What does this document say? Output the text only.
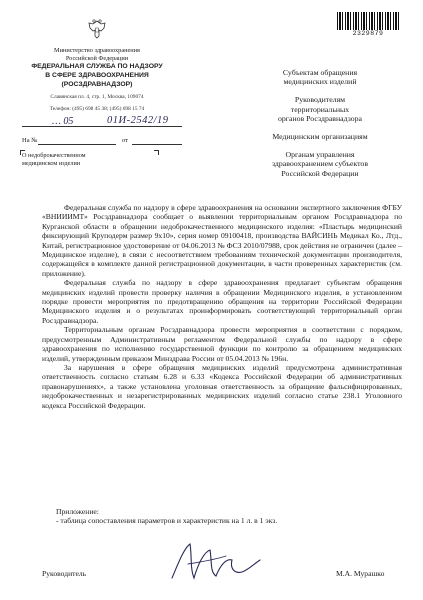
2329879
Министерство здравоохранения
Российской Федерации
ФЕДЕРАЛЬНАЯ СЛУЖБА ПО НАДЗОРУ
В СФЕРЕ ЗДРАВООХРАНЕНИЯ
(РОСЗДРАВНАДЗОР)
Славянская пл. 4, стр. 1, Москва, 109074
Телефон: (495) 698 45 38; (495) 698 15 74
… 05	01И-2542/19
На №	от
О недоброкачественном
медицинском изделии
Субъектам обращения
медицинских изделий
Руководителям
территориальных
органов Росздравнадзора
Медицинским организациям
Органам управления
здравоохранением субъектов
Российской Федерации

Федеральная служба по надзору в сфере здравоохранения на основании экспертного заключения ФГБУ «ВНИИИМТ» Росздравнадзора сообщает о выявлении территориальным органом Росздравнадзора по Курганской области в обращении недоброкачественного медицинского изделия: «Пластырь медицинский фиксирующий Круподерм размер 9х10», серия номер 09100418, производства ВАЙСИНЬ Медикал Ко., Лтд., Китай, регистрационное удостоверение от 04.06.2013 № ФСЗ 2010/07988, срок действия не ограничен (далее – Медицинское изделие), в связи с несоответствием требованиям технической документации производителя, содержащейся в комплекте данной регистрационной документации, в части проверенных характеристик (см. приложение).

Федеральная служба по надзору в сфере здравоохранения предлагает субъектам обращения медицинских изделий провести проверку наличия в обращении Медицинского изделия, в установленном порядке провести мероприятия по предотвращению обращения на территории Российской Федерации Медицинского изделия и о результатах проинформировать соответствующий территориальный орган Росздравнадзора.

Территориальным органам Росздравнадзора провести мероприятия в соответствии с порядком, предусмотренным Административным регламентом Федеральной службы по надзору в сфере здравоохранения по исполнению государственной функции по контролю за обращением медицинских изделий, утвержденным приказом Минздрава России от 05.04.2013 № 196н.

За нарушения в сфере обращения медицинских изделий предусмотрена административная ответственность согласно статьям 6.28 и 6.33 «Кодекса Российской Федерации об административных правонарушениях», а также установлена уголовная ответственность за обращение фальсифицированных, недоброкачественных и незарегистрированных медицинских изделий согласно статье 238.1 Уголовного кодекса Российской Федерации.

Приложение:
- таблица сопоставления параметров и характеристик на 1 л. в 1 экз.
Руководитель	М.А. Мурашко
